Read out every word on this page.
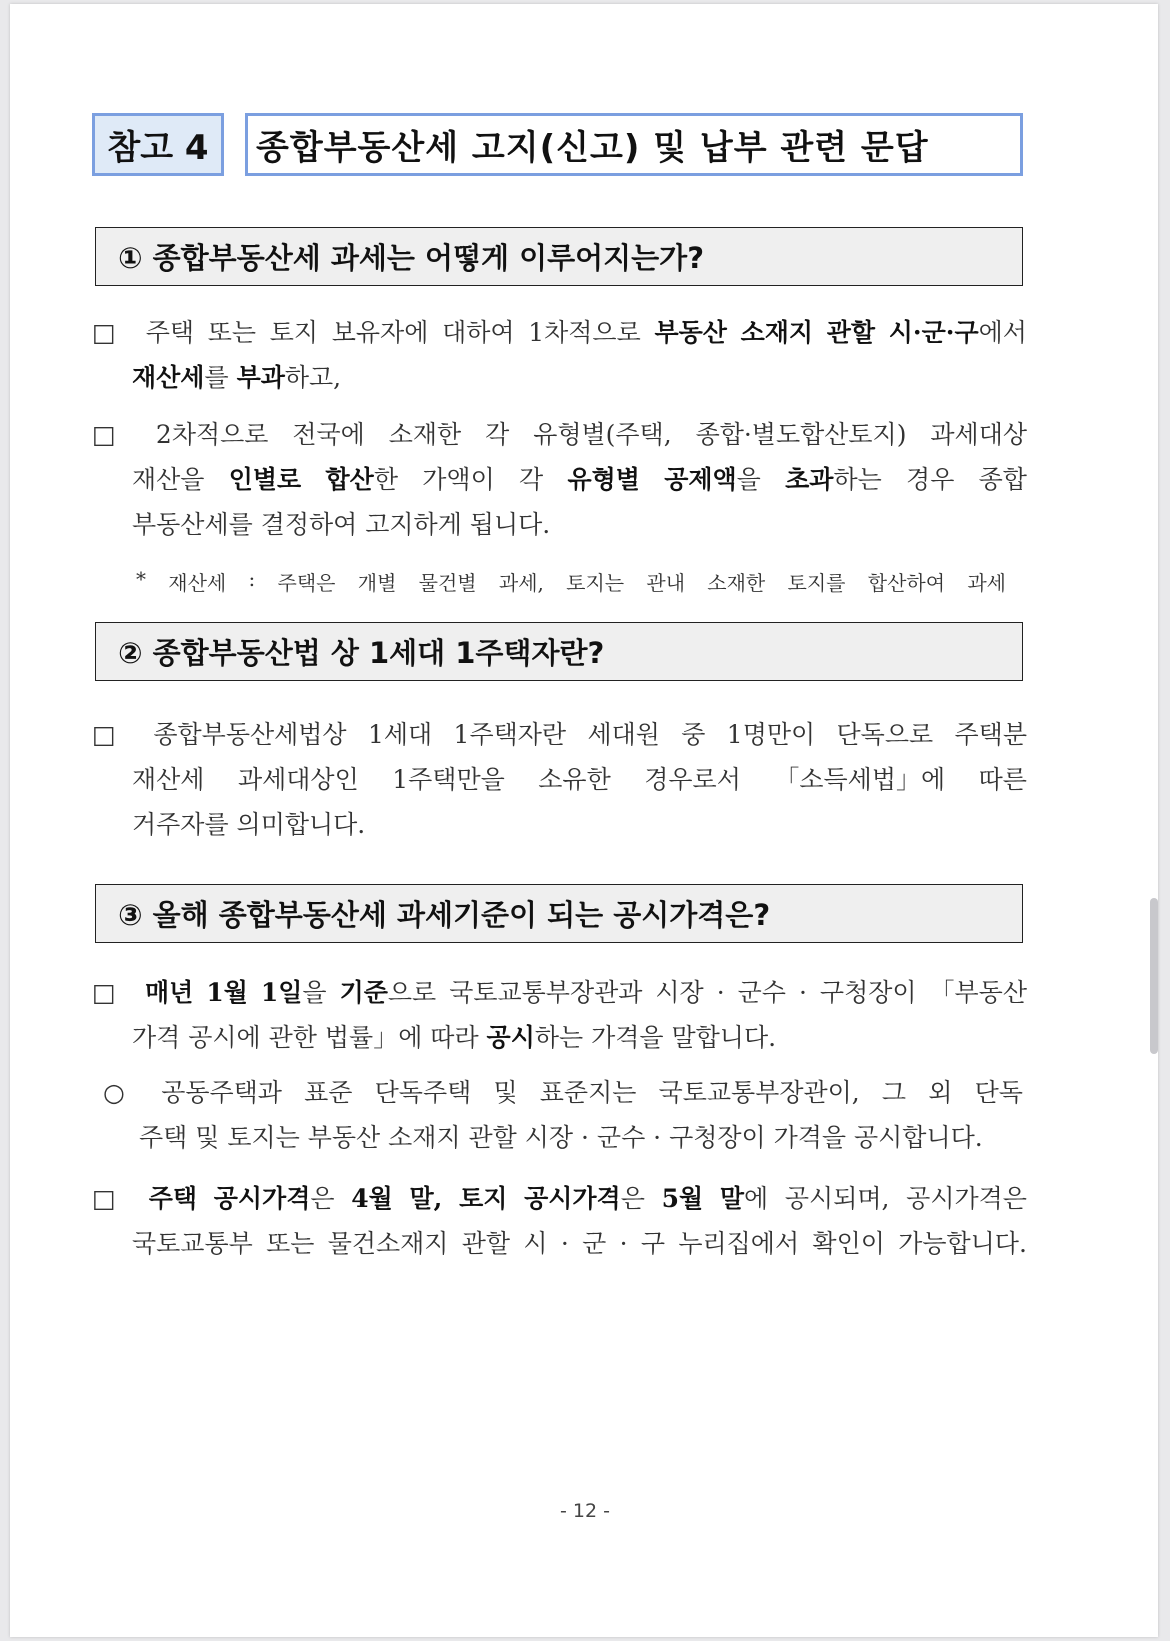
참고 4	종합부동산세 고지(신고) 및 납부 관련 문답
① 종합부동산세 과세는 어떻게 이루어지는가?
□	주택 또는 토지 보유자에 대하여 1차적으로 부동산 소재지 관할 시·군·구에서
재산세를 부과하고,
□	2차적으로 전국에 소재한 각 유형별(주택, 종합·별도합산토지) 과세대상
재산을 인별로 합산한 가액이 각 유형별 공제액을 초과하는 경우 종합
부동산세를 결정하여 고지하게 됩니다.
* 재산세 : 주택은 개별 물건별 과세, 토지는 관내 소재한 토지를 합산하여 과세
② 종합부동산법 상 1세대 1주택자란?
□	종합부동산세법상 1세대 1주택자란 세대원 중 1명만이 단독으로 주택분
재산세 과세대상인 1주택만을 소유한 경우로서 「소득세법」에 따른
거주자를 의미합니다.
③ 올해 종합부동산세 과세기준이 되는 공시가격은?
□	매년 1월 1일을 기준으로 국토교통부장관과 시장 · 군수 · 구청장이 「부동산
가격 공시에 관한 법률」에 따라 공시하는 가격을 말합니다.
○	공동주택과 표준 단독주택 및 표준지는 국토교통부장관이, 그 외 단독
주택 및 토지는 부동산 소재지 관할 시장 · 군수 · 구청장이 가격을 공시합니다.
□	주택 공시가격은 4월 말, 토지 공시가격은 5월 말에 공시되며, 공시가격은
국토교통부 또는 물건소재지 관할 시 · 군 · 구 누리집에서 확인이 가능합니다.
- 12 -
